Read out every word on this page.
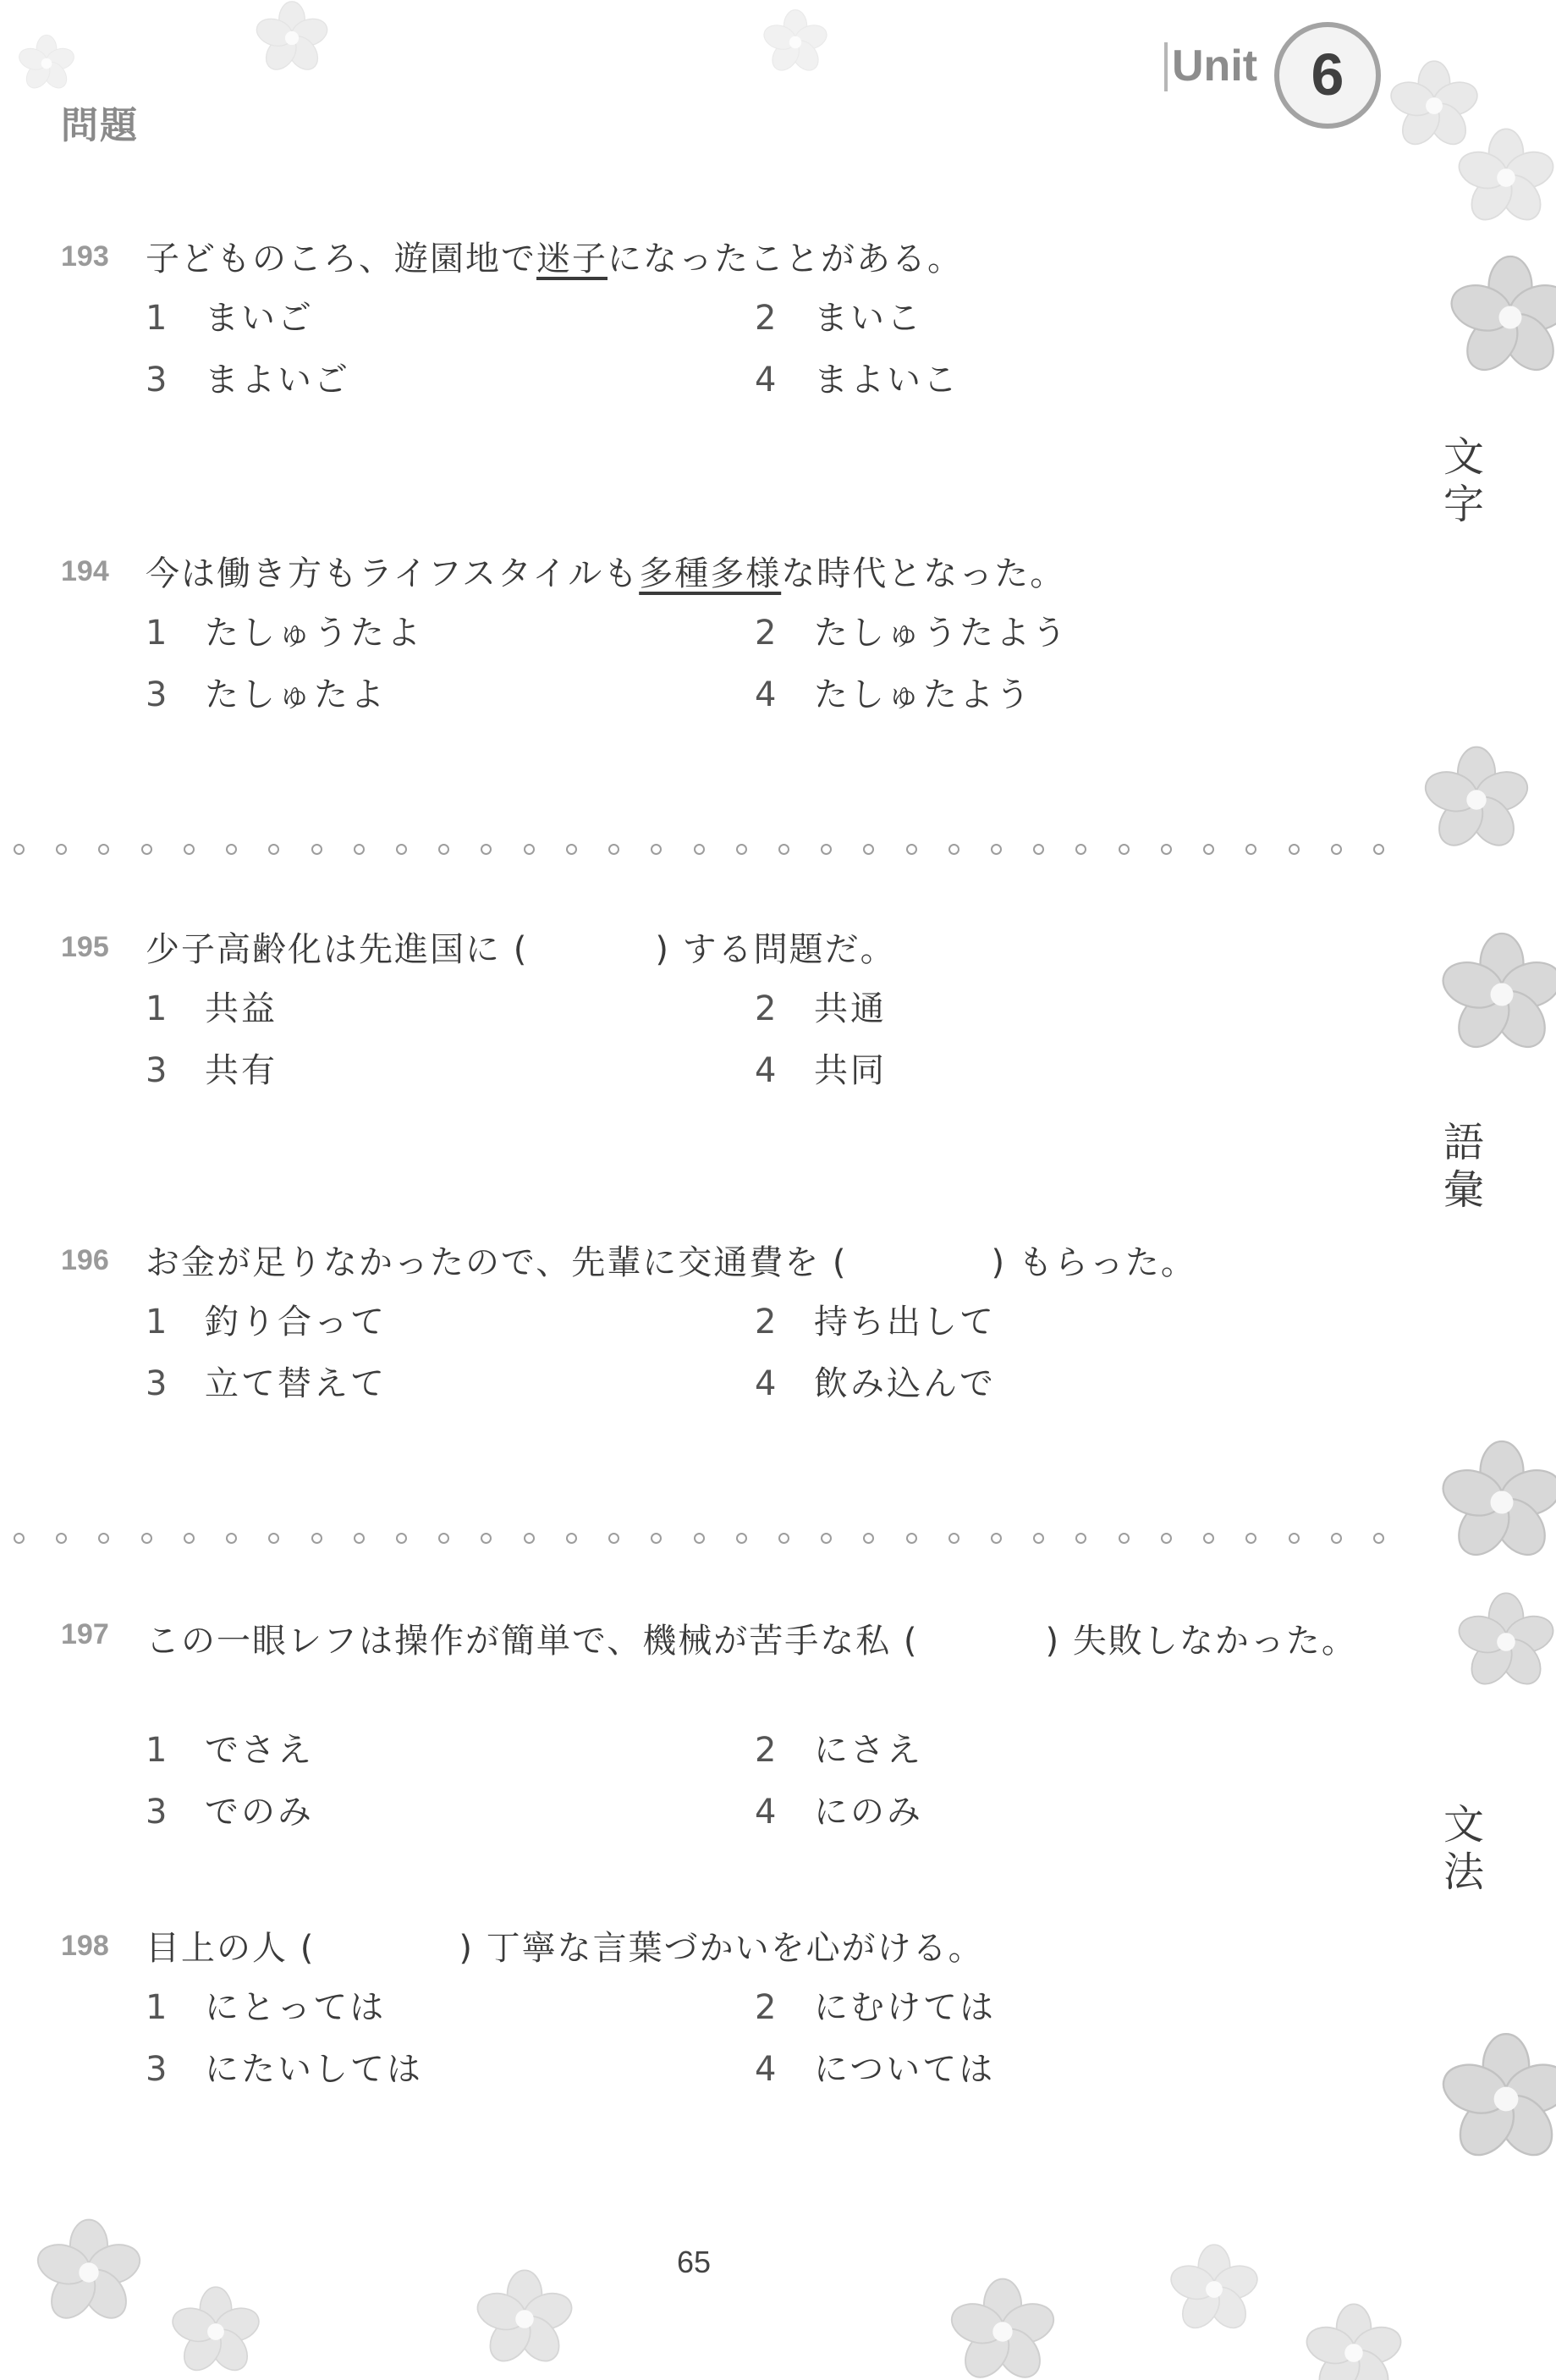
問題
Unit 6
文
字
語
彙
文
法
193 子どものころ、遊園地で迷子になったことがある。
1 まいご	2 まいこ
3 まよいご	4 まよいこ
194 今は働き方もライフスタイルも多種多様な時代となった。
1 たしゅうたよ	2 たしゅうたよう
3 たしゅたよ	4 たしゅたよう
195 少子高齢化は先進国に (	) する問題だ。
1 共益	2 共通
3 共有	4 共同
196 お金が足りなかったので、先輩に交通費を (	) もらった。
1 釣り合って	2 持ち出して
3 立て替えて	4 飲み込んで
197 この一眼レフは操作が簡単で、機械が苦手な私 (	) 失敗しなかった。
1 でさえ	2 にさえ
3 でのみ	4 にのみ
198 目上の人 (	) 丁寧な言葉づかいを心がける。
1 にとっては	2 にむけては
3 にたいしては	4 については
65
